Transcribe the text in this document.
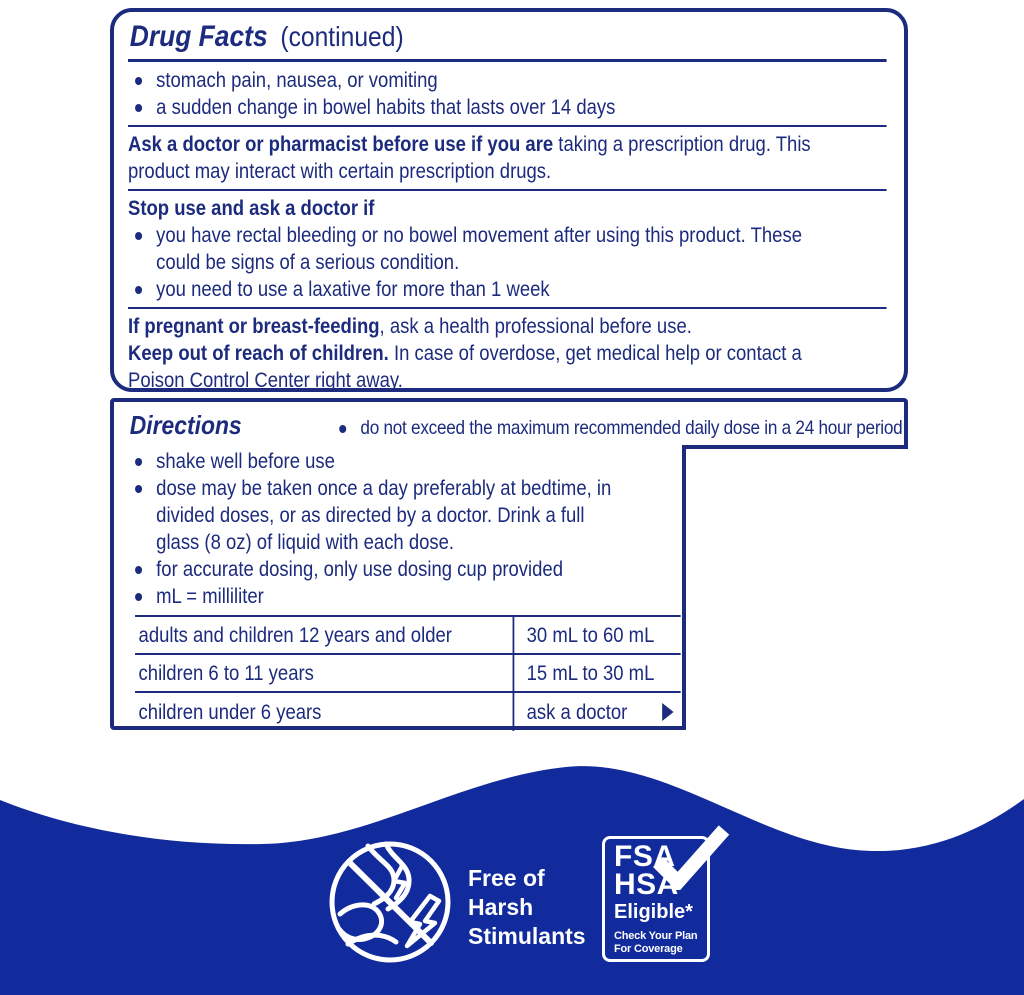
Drug Facts (continued)
stomach pain, nausea, or vomiting
a sudden change in bowel habits that lasts over 14 days
Ask a doctor or pharmacist before use if you are taking a prescription drug. This
product may interact with certain prescription drugs.
Stop use and ask a doctor if
you have rectal bleeding or no bowel movement after using this product. These
could be signs of a serious condition.
you need to use a laxative for more than 1 week
If pregnant or breast-feeding, ask a health professional before use.
Keep out of reach of children. In case of overdose, get medical help or contact a
Poison Control Center right away.
Directions	do not exceed the maximum recommended daily dose in a 24 hour period
shake well before use
dose may be taken once a day preferably at bedtime, in
divided doses, or as directed by a doctor. Drink a full
glass (8 oz) of liquid with each dose.
for accurate dosing, only use dosing cup provided
mL = milliliter
adults and children 12 years and older	30 mL to 60 mL
children 6 to 11 years	15 mL to 30 mL
children under 6 years	ask a doctor
Free of
Harsh
Stimulants
FSA
HSA
Eligible*
Check Your Plan
For Coverage
